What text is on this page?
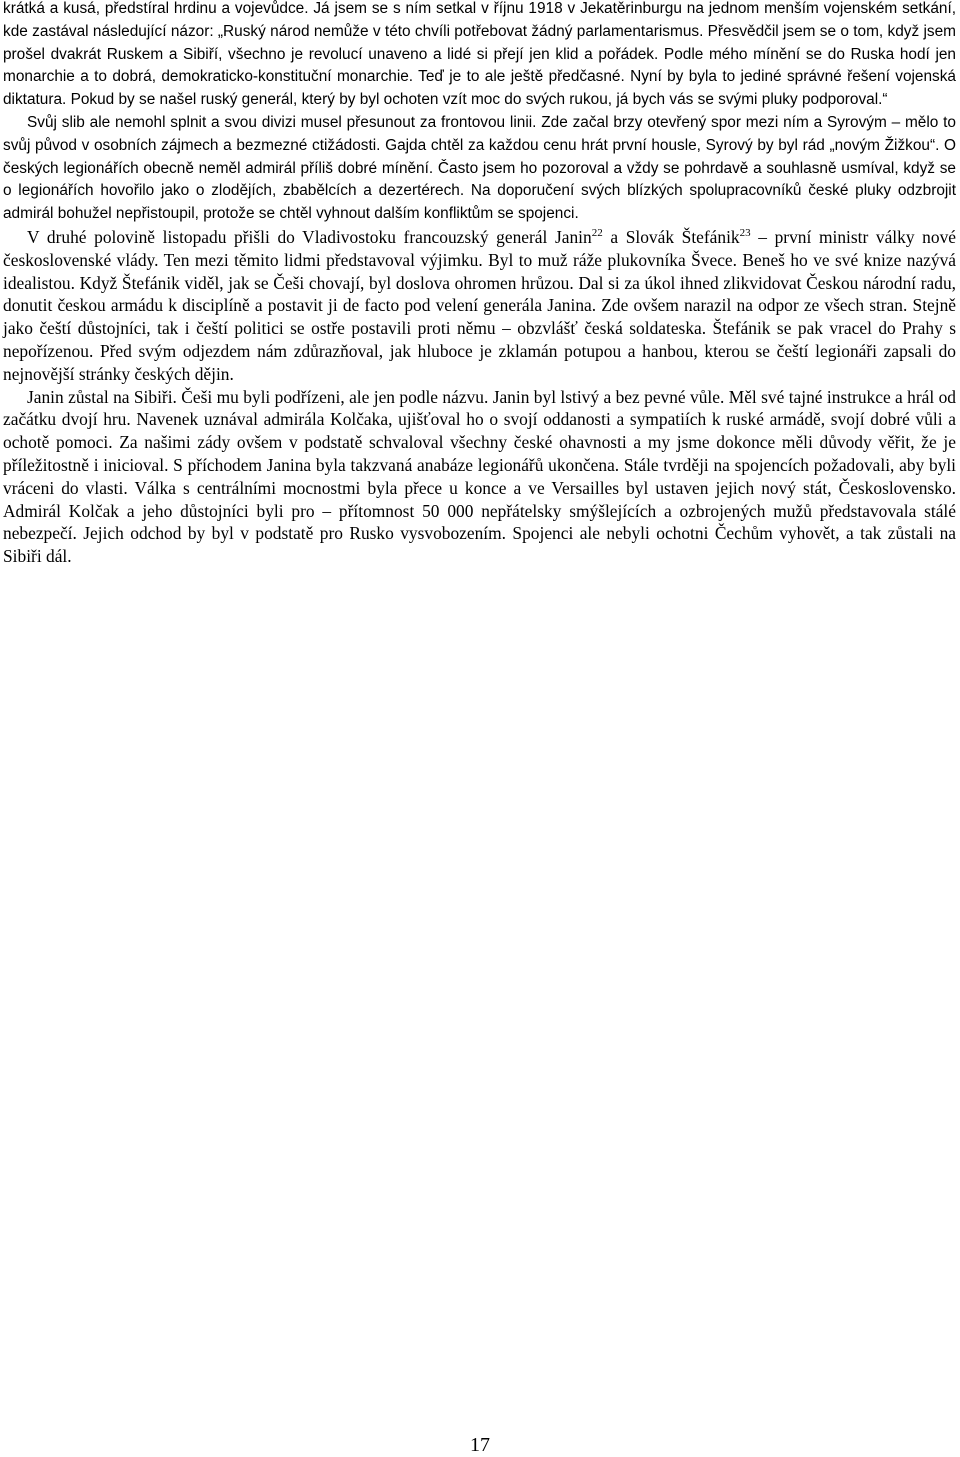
krátká a kusá, předstíral hrdinu a vojevůdce. Já jsem se s ním setkal v říjnu 1918 v Jekatěrinburgu na jednom menším vojenském setkání, kde zastával následující názor: „Ruský národ nemůže v této chvíli potřebovat žádný parlamentarismus. Přesvědčil jsem se o tom, když jsem prošel dvakrát Ruskem a Sibiří, všechno je revolucí unaveno a lidé si přejí jen klid a pořádek. Podle mého mínění se do Ruska hodí jen monarchie a to dobrá, demokraticko-konstituční monarchie. Teď je to ale ještě předčasné. Nyní by byla to jediné správné řešení vojenská diktatura. Pokud by se našel ruský generál, který by byl ochoten vzít moc do svých rukou, já bych vás se svými pluky podporoval.“

Svůj slib ale nemohl splnit a svou divizi musel přesunout za frontovou linii. Zde začal brzy otevřený spor mezi ním a Syrovým – mělo to svůj původ v osobních zájmech a bezmezné ctižádosti. Gajda chtěl za každou cenu hrát první housle, Syrový by byl rád „novým Žižkou“. O českých legionářích obecně neměl admirál příliš dobré mínění. Často jsem ho pozoroval a vždy se pohrdavě a souhlasně usmíval, když se o legionářích hovořilo jako o zlodějích, zbabělcích a dezertérech. Na doporučení svých blízkých spolupracovníků české pluky odzbrojit admirál bohužel nepřistoupil, protože se chtěl vyhnout dalším konfliktům se spojenci.

V druhé polovině listopadu přišli do Vladivostoku francouzský generál Janin$^{22}$ a Slovák Štefánik$^{23}$ – první ministr války nové československé vlády. Ten mezi těmito lidmi představoval výjimku. Byl to muž ráže plukovníka Švece. Beneš ho ve své knize nazývá idealistou. Když Štefánik viděl, jak se Češi chovají, byl doslova ohromen hrůzou. Dal si za úkol ihned zlikvidovat Českou národní radu, donutit českou armádu k disciplíně a postavit ji de facto pod velení generála Janina. Zde ovšem narazil na odpor ze všech stran. Stejně jako čeští důstojníci, tak i čeští politici se ostře postavili proti němu – obzvlášť česká soldateska. Štefánik se pak vracel do Prahy s nepořízenou. Před svým odjezdem nám zdůrazňoval, jak hluboce je zklamán potupou a hanbou, kterou se čeští legionáři zapsali do nejnovější stránky českých dějin.

Janin zůstal na Sibiři. Češi mu byli podřízeni, ale jen podle názvu. Janin byl lstivý a bez pevné vůle. Měl své tajné instrukce a hrál od začátku dvojí hru. Navenek uznával admirála Kolčaka, ujišťoval ho o svojí oddanosti a sympatiích k ruské armádě, svojí dobré vůli a ochotě pomoci. Za našimi zády ovšem v podstatě schvaloval všechny české ohavnosti a my jsme dokonce měli důvody věřit, že je příležitostně i inicioval. S příchodem Janina byla takzvaná anabáze legionářů ukončena. Stále tvrději na spojencích požadovali, aby byli vráceni do vlasti. Válka s centrálními mocnostmi byla přece u konce a ve Versailles byl ustaven jejich nový stát, Československo. Admirál Kolčak a jeho důstojníci byli pro – přítomnost 50 000 nepřátelsky smýšlejících a ozbrojených mužů představovala stálé nebezpečí. Jejich odchod by byl v podstatě pro Rusko vysvobozením. Spojenci ale nebyli ochotni Čechům vyhovět, a tak zůstali na Sibiři dál.

17
